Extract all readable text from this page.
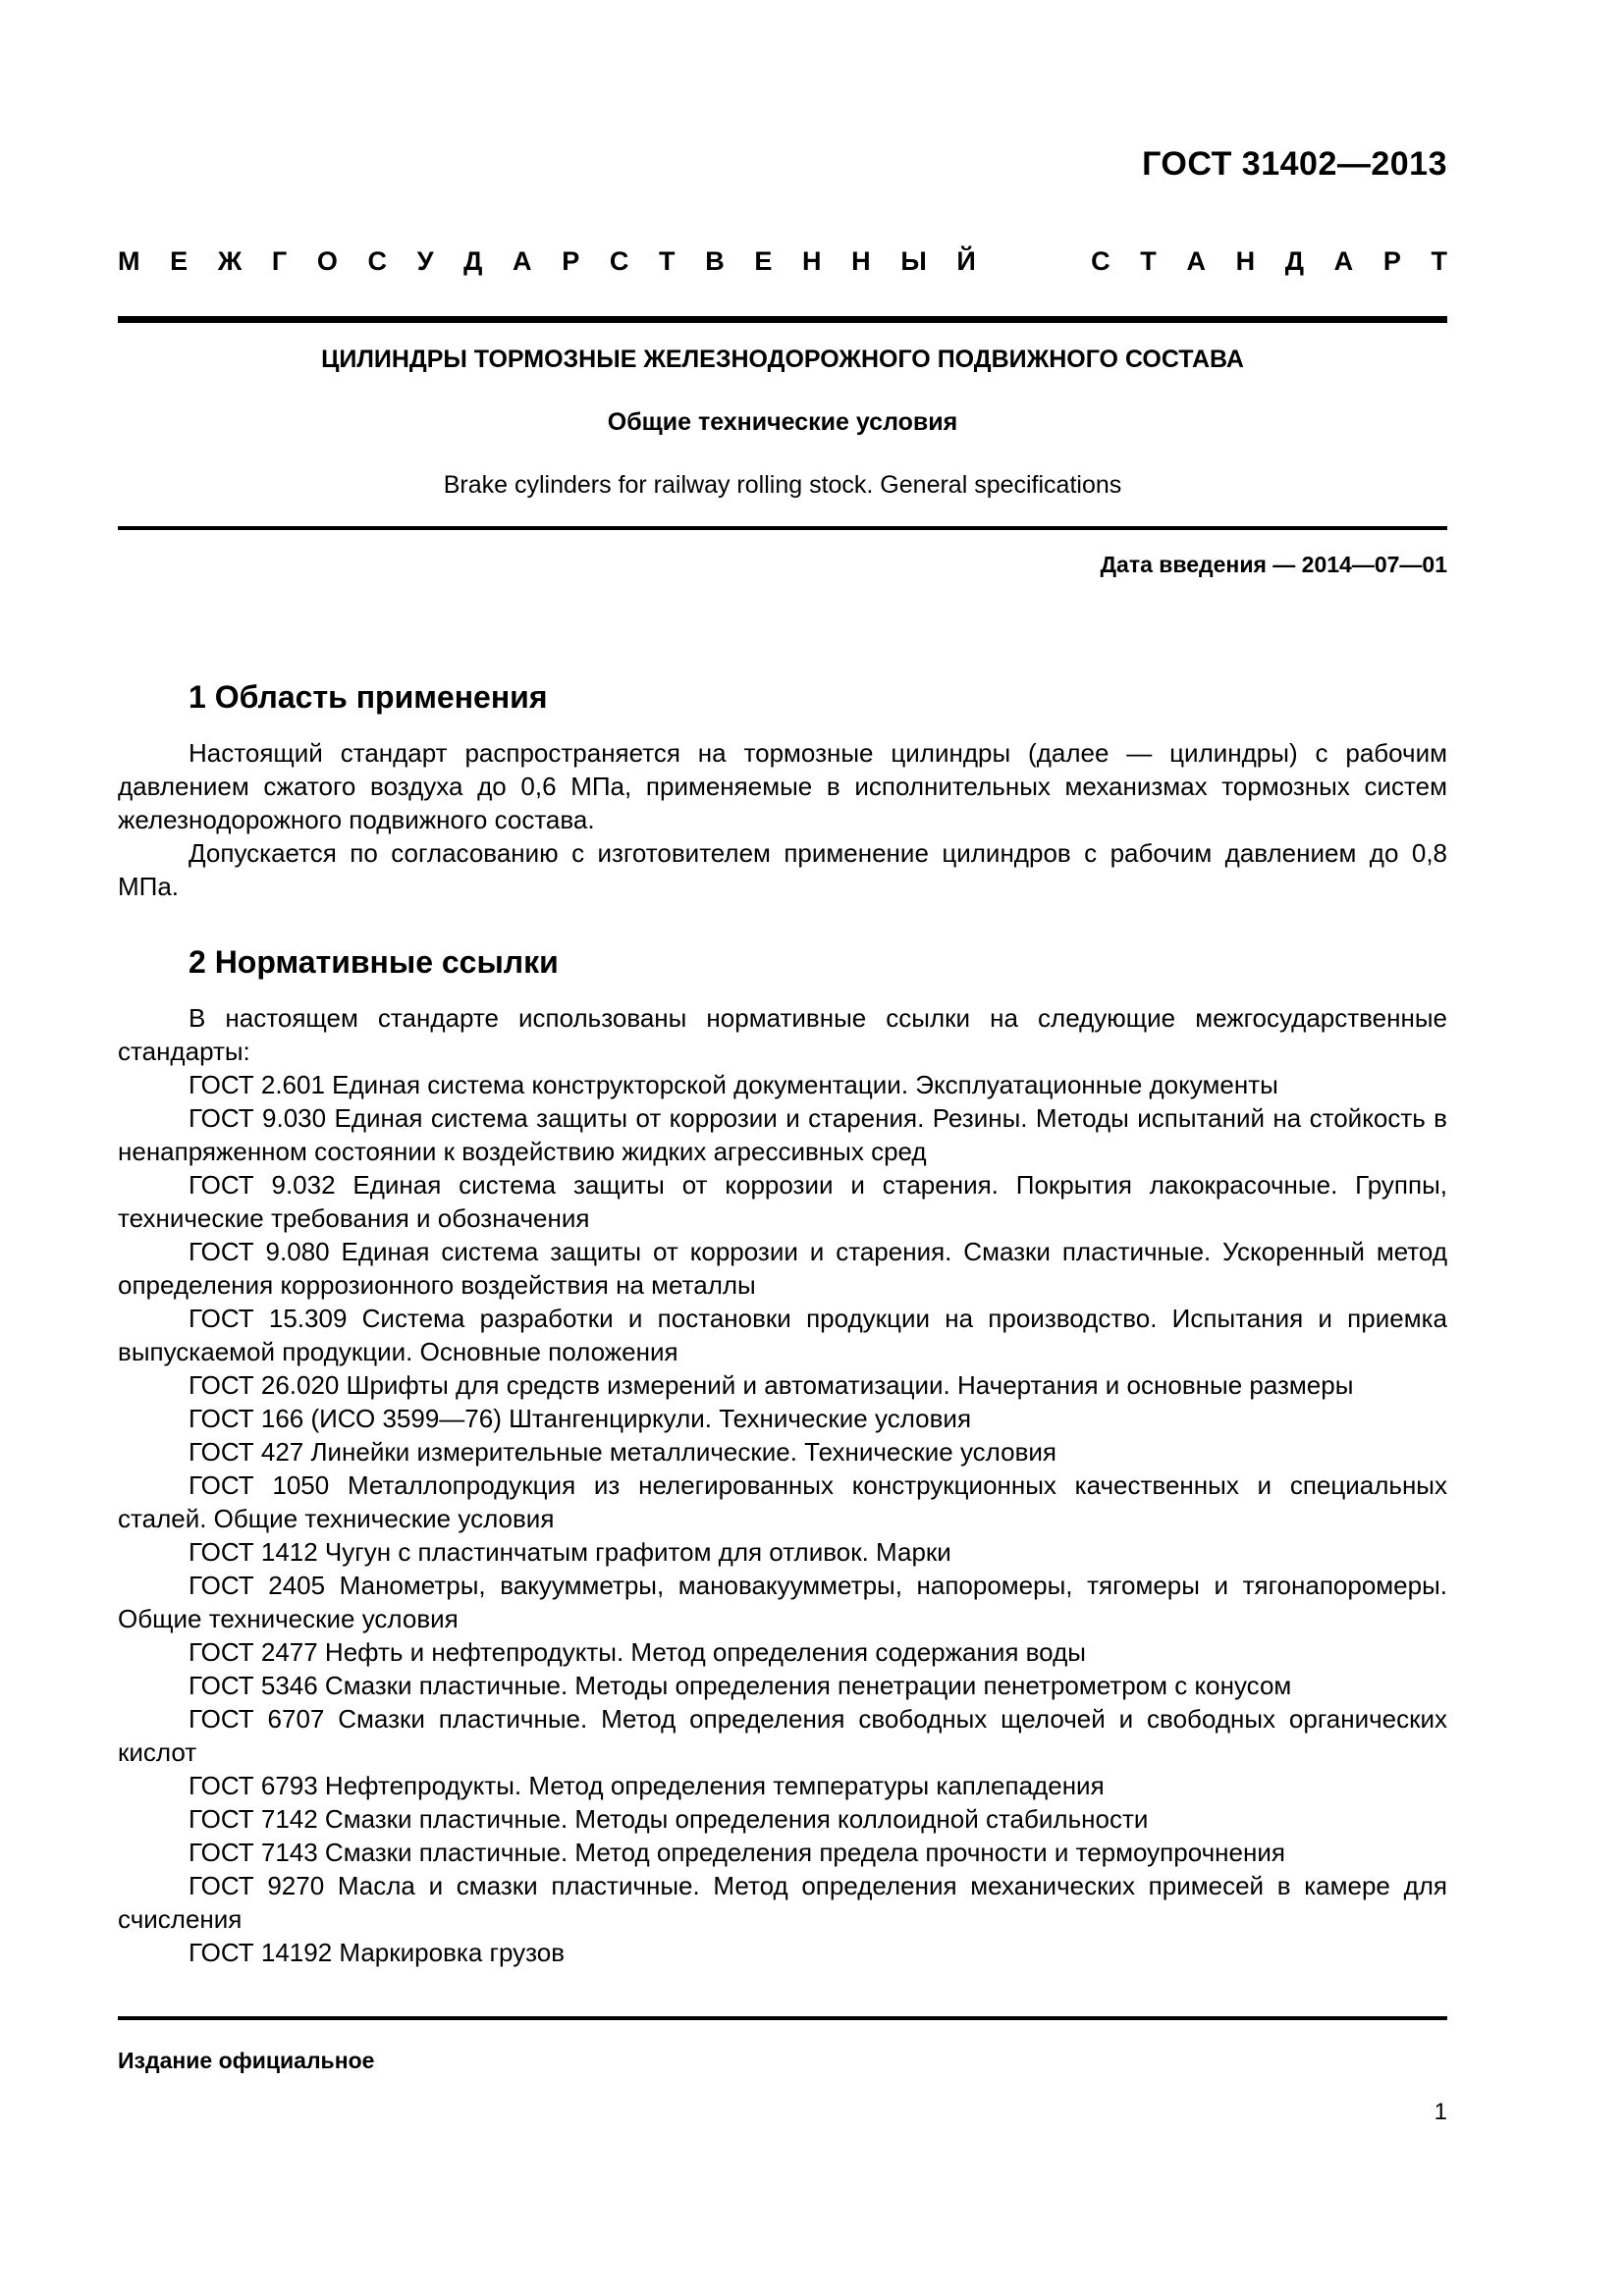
ГОСТ 31402—2013
М Е Ж Г О С У Д А Р С Т В Е Н Н Ы Й	С Т А Н Д А Р Т
ЦИЛИНДРЫ ТОРМОЗНЫЕ ЖЕЛЕЗНОДОРОЖНОГО ПОДВИЖНОГО СОСТАВА
Общие технические условия
Brake cylinders for railway rolling stock. General specifications
Дата введения — 2014—07—01
1 Область применения

Настоящий стандарт распространяется на тормозные цилиндры (далее — цилиндры) с рабочим давлением сжатого воздуха до 0,6 МПа, применяемые в исполнительных механизмах тормозных систем железнодорожного подвижного состава.

Допускается по согласованию с изготовителем применение цилиндров с рабочим давлением до 0,8 МПа.

2 Нормативные ссылки

В настоящем стандарте использованы нормативные ссылки на следующие межгосударственные стандарты:

ГОСТ 2.601 Единая система конструкторской документации. Эксплуатационные документы

ГОСТ 9.030 Единая система защиты от коррозии и старения. Резины. Методы испытаний на стойкость в ненапряженном состоянии к воздействию жидких агрессивных сред

ГОСТ 9.032 Единая система защиты от коррозии и старения. Покрытия лакокрасочные. Группы, технические требования и обозначения

ГОСТ 9.080 Единая система защиты от коррозии и старения. Смазки пластичные. Ускоренный метод определения коррозионного воздействия на металлы

ГОСТ 15.309 Система разработки и постановки продукции на производство. Испытания и приемка выпускаемой продукции. Основные положения

ГОСТ 26.020 Шрифты для средств измерений и автоматизации. Начертания и основные размеры

ГОСТ 166 (ИСО 3599—76) Штангенциркули. Технические условия

ГОСТ 427 Линейки измерительные металлические. Технические условия

ГОСТ 1050 Металлопродукция из нелегированных конструкционных качественных и специальных сталей. Общие технические условия

ГОСТ 1412 Чугун с пластинчатым графитом для отливок. Марки

ГОСТ 2405 Манометры, вакуумметры, мановакуумметры, напоромеры, тягомеры и тягонапоромеры. Общие технические условия

ГОСТ 2477 Нефть и нефтепродукты. Метод определения содержания воды

ГОСТ 5346 Смазки пластичные. Методы определения пенетрации пенетрометром с конусом

ГОСТ 6707 Смазки пластичные. Метод определения свободных щелочей и свободных органических кислот

ГОСТ 6793 Нефтепродукты. Метод определения температуры каплепадения

ГОСТ 7142 Смазки пластичные. Методы определения коллоидной стабильности

ГОСТ 7143 Смазки пластичные. Метод определения предела прочности и термоупрочнения

ГОСТ 9270 Масла и смазки пластичные. Метод определения механических примесей в камере для счисления

ГОСТ 14192 Маркировка грузов

Издание официальное
1
